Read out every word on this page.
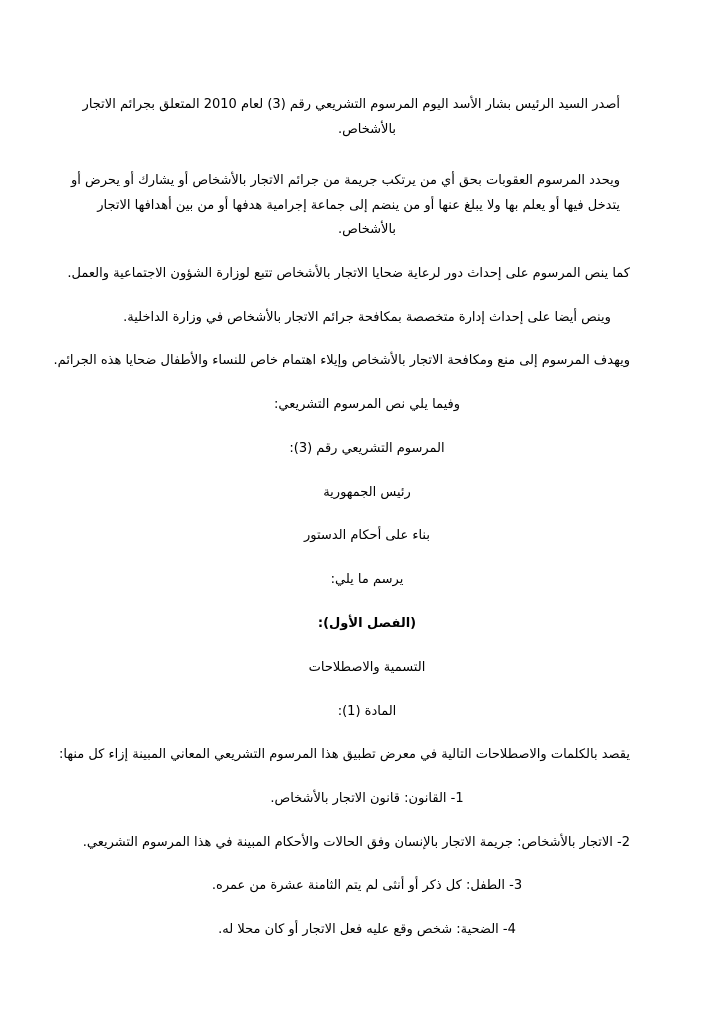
أصدر السيد الرئيس بشار الأسد اليوم المرسوم التشريعي رقم (3) لعام 2010 المتعلق بجرائم الاتجار
بالأشخاص.
ويحدد المرسوم العقوبات بحق أي من يرتكب جريمة من جرائم الاتجار بالأشخاص أو يشارك أو يحرض أو
يتدخل فيها أو يعلم بها ولا يبلغ عنها أو من ينضم إلى جماعة إجرامية هدفها أو من بين أهدافها الاتجار
بالأشخاص.
كما ينص المرسوم على إحداث دور لرعاية ضحايا الاتجار بالأشخاص تتبع لوزارة الشؤون الاجتماعية والعمل.
وينص أيضا على إحداث إدارة متخصصة بمكافحة جرائم الاتجار بالأشخاص في وزارة الداخلية.
ويهدف المرسوم إلى منع ومكافحة الاتجار بالأشخاص وإيلاء اهتمام خاص للنساء والأطفال ضحايا هذه الجرائم.
وفيما يلي نص المرسوم التشريعي:
المرسوم التشريعي رقم (3):
رئيس الجمهورية
بناء على أحكام الدستور
يرسم ما يلي:
(الفصل الأول):
التسمية والاصطلاحات
المادة (1):
يقصد بالكلمات والاصطلاحات التالية في معرض تطبيق هذا المرسوم التشريعي المعاني المبينة إزاء كل منها:
1- القانون: قانون الاتجار بالأشخاص.
2- الاتجار بالأشخاص: جريمة الاتجار بالإنسان وفق الحالات والأحكام المبينة في هذا المرسوم التشريعي.
3- الطفل: كل ذكر أو أنثى لم يتم الثامنة عشرة من عمره.
4- الضحية: شخص وقع عليه فعل الاتجار أو كان محلا له.
